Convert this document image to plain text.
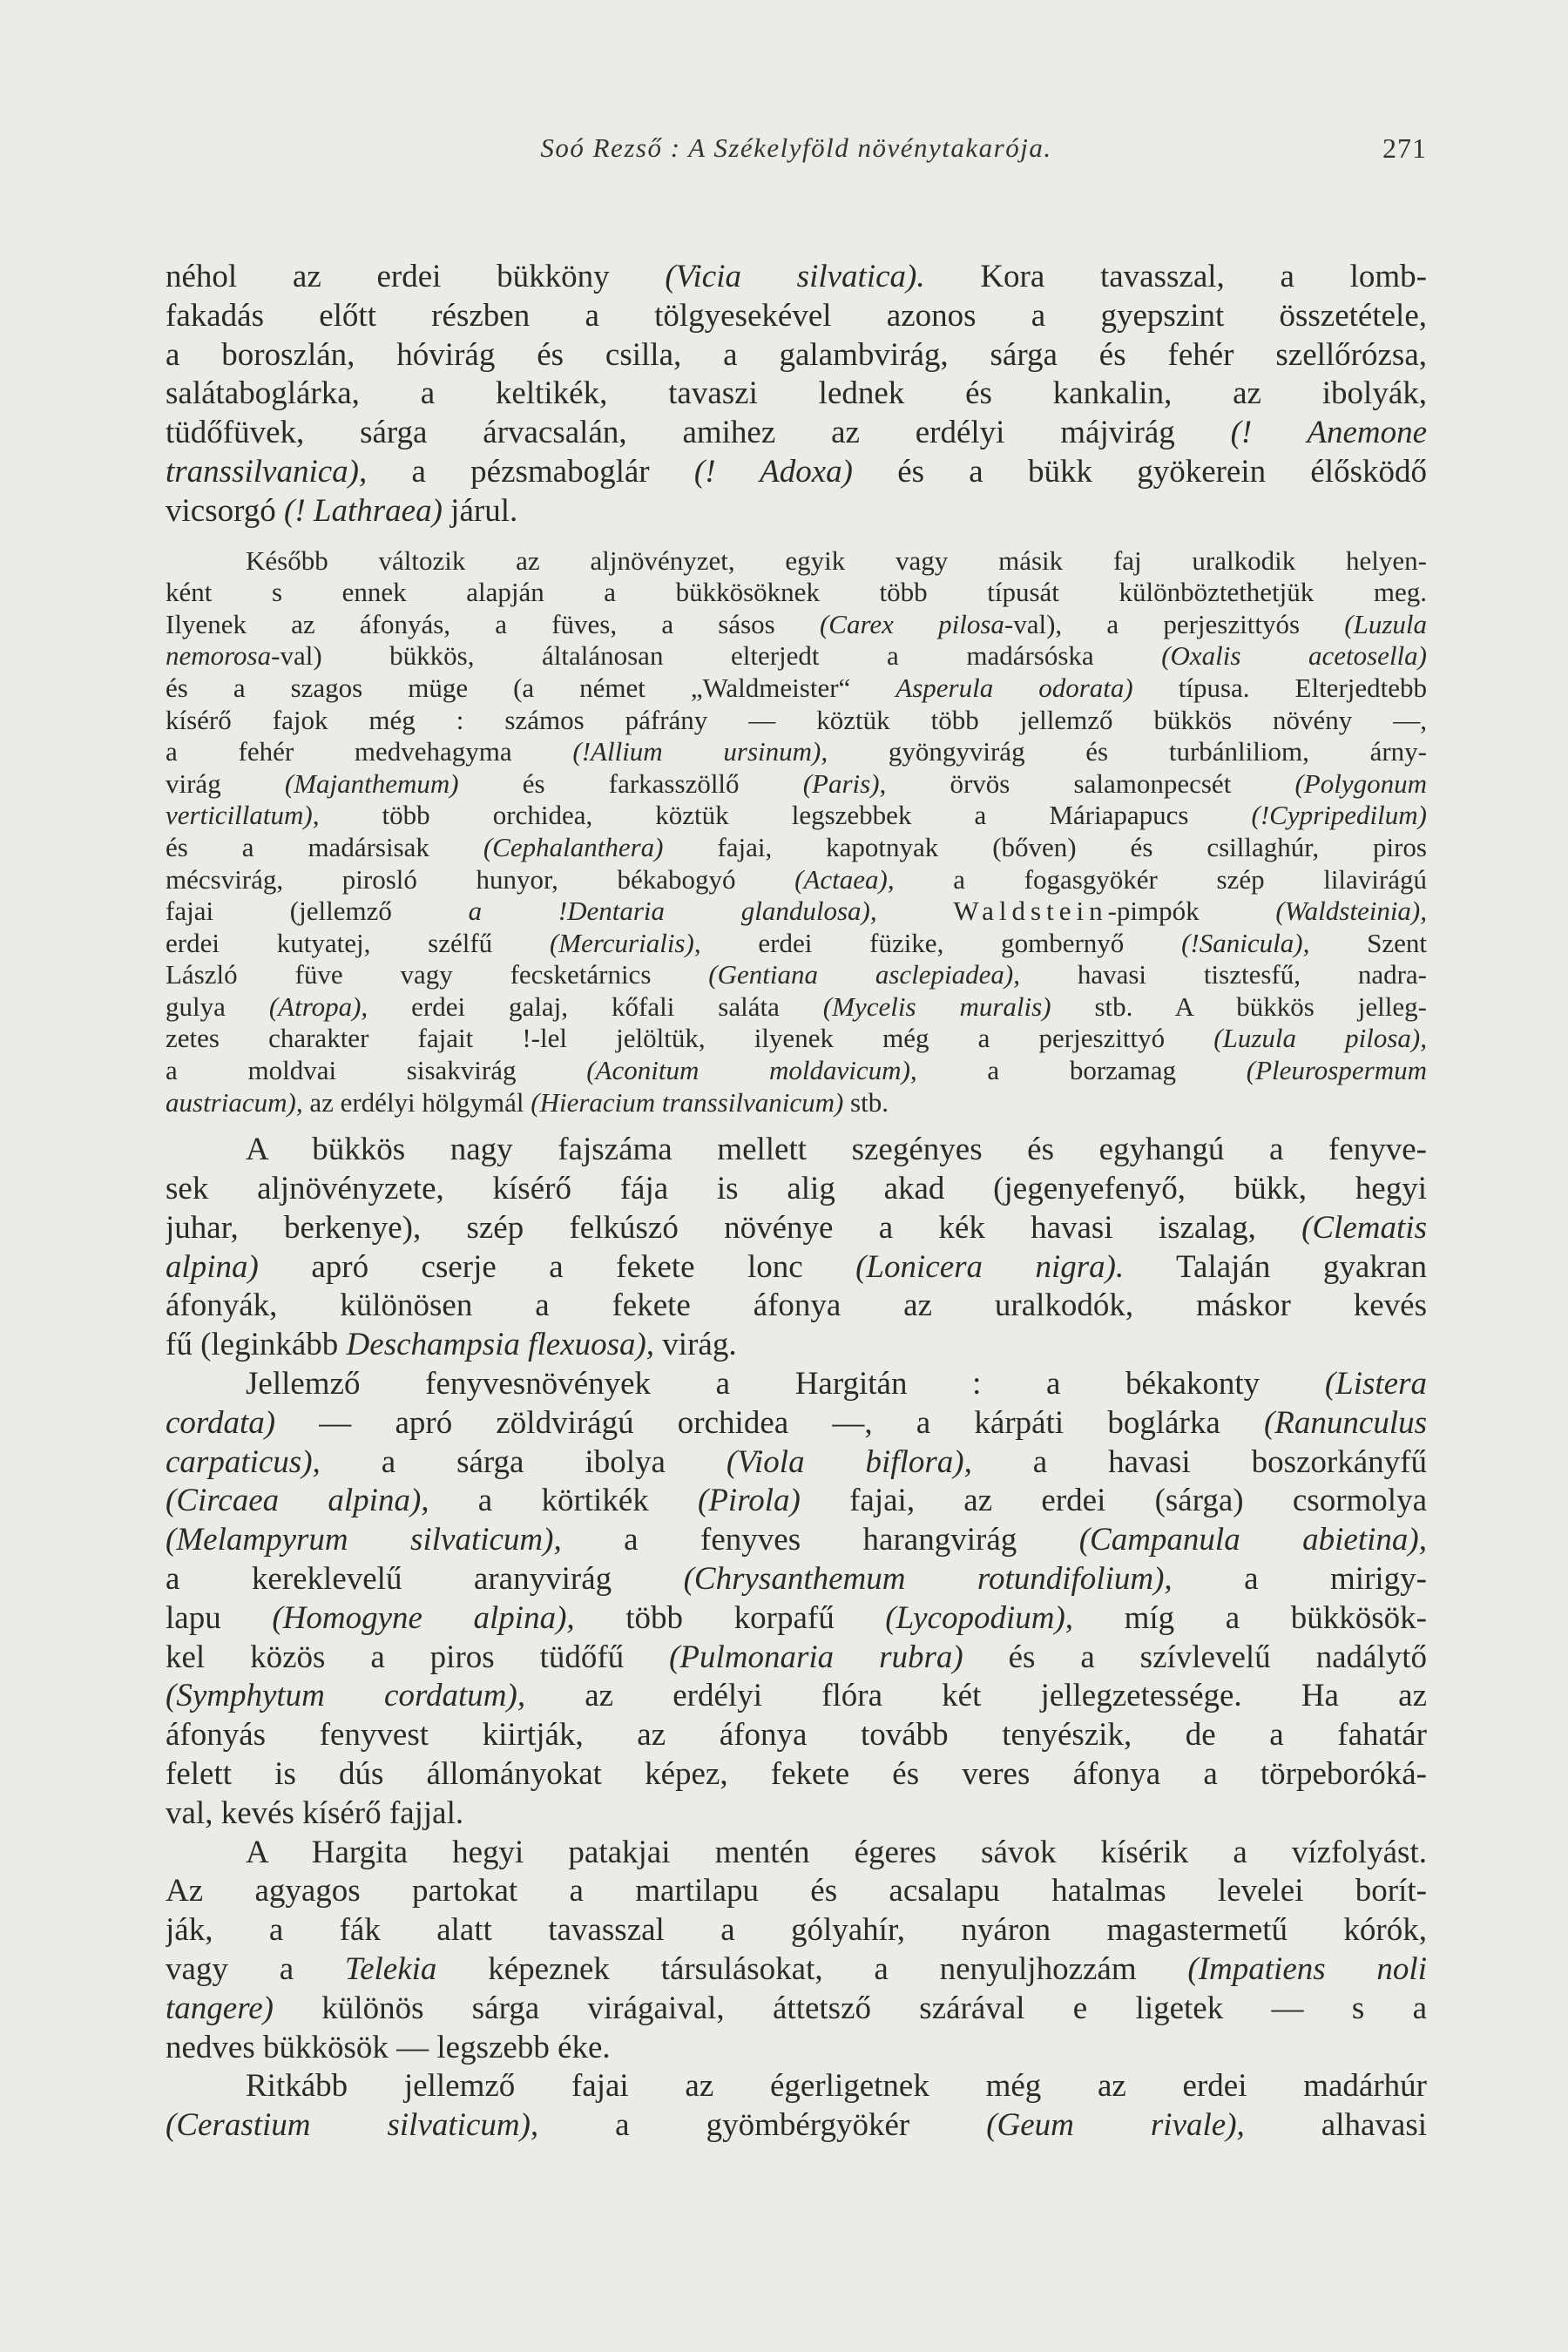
Soó Rezső : A Székelyföld növénytakarója.	271
néhol az erdei bükköny (Vicia silvatica). Kora tavasszal, a lomb-
fakadás előtt részben a tölgyesekével azonos a gyepszint összetétele,
a boroszlán, hóvirág és csilla, a galambvirág, sárga és fehér szellőrózsa,
salátaboglárka, a keltikék, tavaszi lednek és kankalin, az ibolyák,
tüdőfüvek, sárga árvacsalán, amihez az erdélyi májvirág (! Anemone
transsilvanica), a pézsmaboglár (! Adoxa) és a bükk gyökerein élősködő
vicsorgó (! Lathraea) járul.
Később változik az aljnövényzet, egyik vagy másik faj uralkodik helyen-
ként s ennek alapján a bükkösöknek több típusát különböztethetjük meg.
Ilyenek az áfonyás, a füves, a sásos (Carex pilosa-val), a perjeszittyós (Luzula
nemorosa-val) bükkös, általánosan elterjedt a madársóska (Oxalis acetosella)
és a szagos müge (a német „Waldmeister“ Asperula odorata) típusa. Elterjedtebb
kísérő fajok még : számos páfrány — köztük több jellemző bükkös növény —,
a fehér medvehagyma (!Allium ursinum), gyöngyvirág és turbánliliom, árny-
virág (Majanthemum) és farkasszöllő (Paris), örvös salamonpecsét (Polygonum
verticillatum), több orchidea, köztük legszebbek a Máriapapucs (!Cypripedilum)
és a madársisak (Cephalanthera) fajai, kapotnyak (bőven) és csillaghúr, piros
mécsvirág, pirosló hunyor, békabogyó (Actaea), a fogasgyökér szép lilavirágú
fajai (jellemző a !Dentaria glandulosa),	Waldstein-pimpók (Waldsteinia),
erdei kutyatej, szélfű (Mercurialis), erdei füzike, gombernyő (!Sanicula), Szent
László füve vagy fecsketárnics (Gentiana asclepiadea), havasi tisztesfű, nadra-
gulya (Atropa), erdei galaj, kőfali saláta (Mycelis muralis) stb. A bükkös jelleg-
zetes charakter fajait !-lel jelöltük, ilyenek még a perjeszittyó (Luzula pilosa),
a moldvai sisakvirág (Aconitum moldavicum), a borzamag (Pleurospermum
austriacum), az erdélyi hölgymál (Hieracium transsilvanicum) stb.
A bükkös nagy fajszáma mellett szegényes és egyhangú a fenyve-
sek aljnövényzete, kísérő fája is alig akad (jegenyefenyő, bükk, hegyi
juhar, berkenye), szép felkúszó növénye a kék havasi iszalag, (Clematis
alpina) apró cserje a fekete lonc (Lonicera nigra). Talaján gyakran
áfonyák, különösen a fekete áfonya az uralkodók, máskor kevés
fű (leginkább Deschampsia flexuosa), virág.
Jellemző fenyvesnövények a Hargitán : a békakonty (Listera
cordata) — apró zöldvirágú orchidea —, a kárpáti boglárka (Ranunculus
carpaticus), a sárga ibolya (Viola biflora), a havasi boszorkányfű
(Circaea alpina), a körtikék (Pirola) fajai, az erdei (sárga) csormolya
(Melampyrum silvaticum), a fenyves harangvirág (Campanula abietina),
a kereklevelű aranyvirág (Chrysanthemum rotundifolium), a mirigy-
lapu (Homogyne alpina), több korpafű (Lycopodium), míg a bükkösök-
kel közös a piros tüdőfű (Pulmonaria rubra) és a szívlevelű nadálytő
(Symphytum cordatum), az erdélyi flóra két jellegzetessége. Ha az
áfonyás fenyvest kiirtják, az áfonya tovább tenyészik, de a fahatár
felett is dús állományokat képez, fekete és veres áfonya a törpeboróká-
val, kevés kísérő fajjal.
A Hargita hegyi patakjai mentén égeres sávok kísérik a vízfolyást.
Az agyagos partokat a martilapu és acsalapu hatalmas levelei borít-
ják, a fák alatt tavasszal a gólyahír, nyáron magastermetű kórók,
vagy a Telekia képeznek társulásokat, a nenyuljhozzám (Impatiens noli
tangere) különös sárga virágaival, áttetsző szárával e ligetek — s a
nedves bükkösök — legszebb éke.
Ritkább jellemző fajai az égerligetnek még az erdei madárhúr
(Cerastium silvaticum), a gyömbérgyökér (Geum rivale), alhavasi
